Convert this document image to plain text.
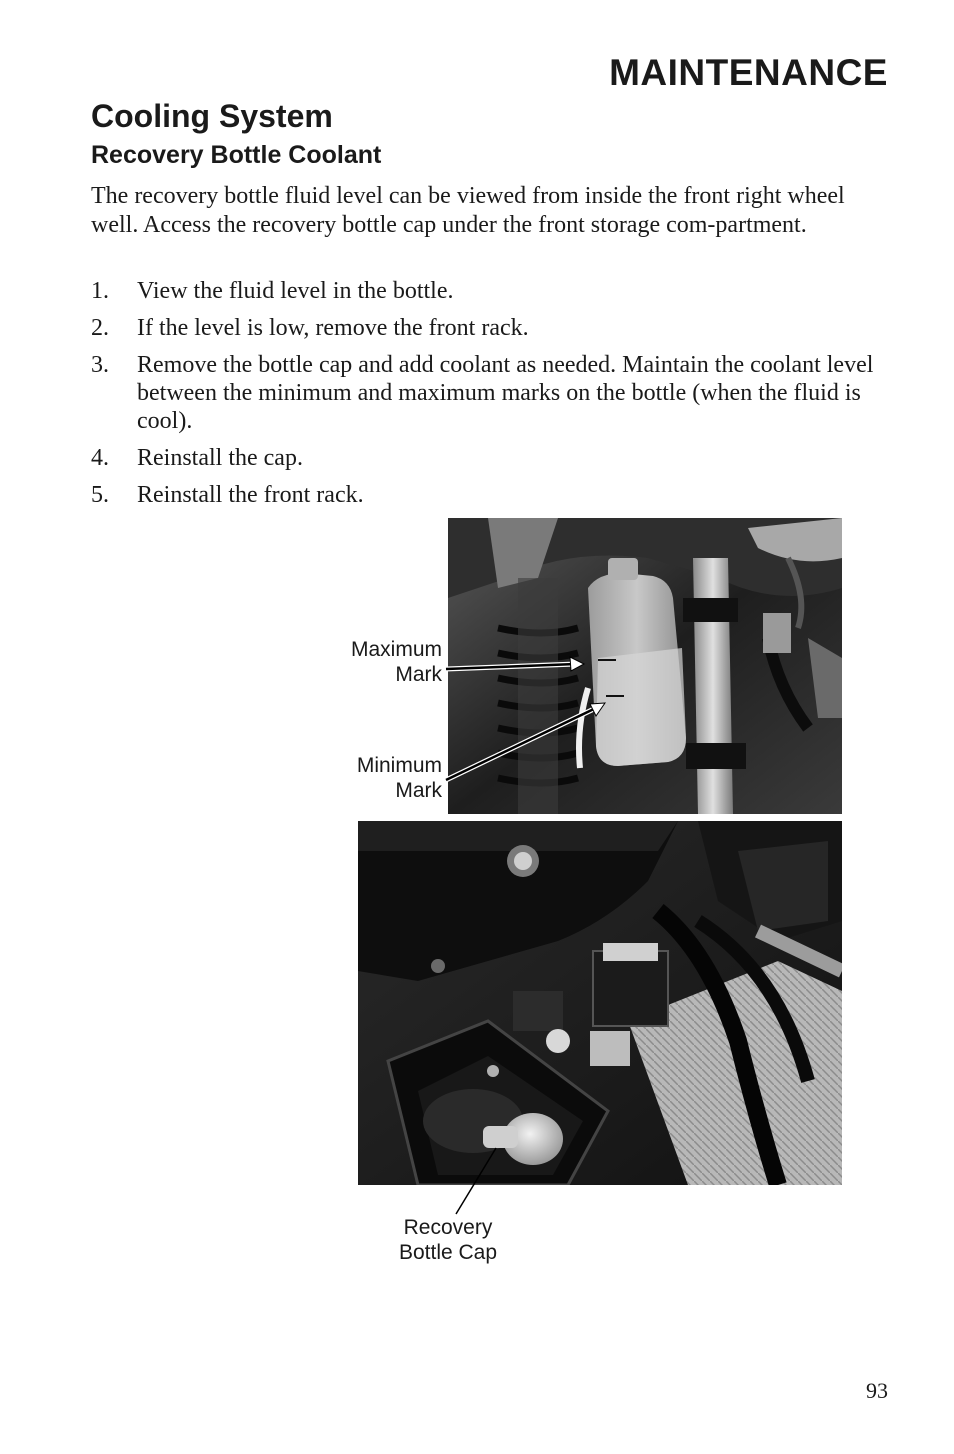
MAINTENANCE
Cooling System
Recovery Bottle Coolant

The recovery bottle fluid level can be viewed from inside the front right wheel well. Access the recovery bottle cap under the front storage com-partment.

1.	View the fluid level in the bottle.
2.	If the level is low, remove the front rack.
3.	Remove the bottle cap and add coolant as needed. Maintain the coolant level between the minimum and maximum marks on the bottle (when the fluid is cool).
4.	Reinstall the cap.
5.	Reinstall the front rack.
Maximum
Mark
Minimum
Mark
Recovery
Bottle Cap
93
